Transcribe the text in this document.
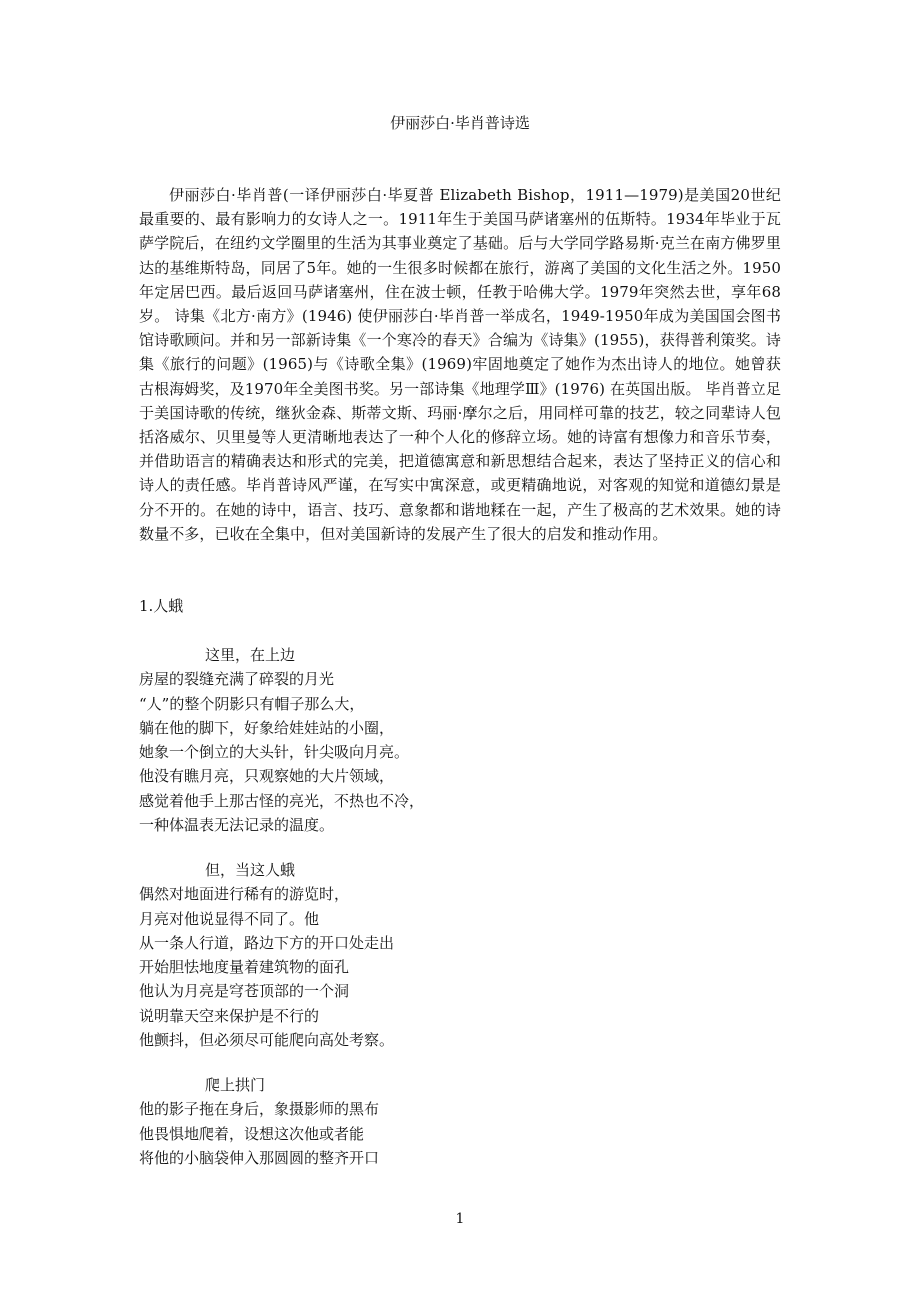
伊丽莎白·毕肖普诗选

伊丽莎白·毕肖普(一译伊丽莎白·毕夏普 Elizabeth Bishop，1911—1979)是美国20世纪最重要的、最有影响力的女诗人之一。1911年生于美国马萨诸塞州的伍斯特。1934年毕业于瓦萨学院后，在纽约文学圈里的生活为其事业奠定了基础。后与大学同学路易斯·克兰在南方佛罗里达的基维斯特岛，同居了5年。她的一生很多时候都在旅行，游离了美国的文化生活之外。1950年定居巴西。最后返回马萨诸塞州，住在波士顿，任教于哈佛大学。1979年突然去世，享年68岁。 诗集《北方·南方》(1946) 使伊丽莎白·毕肖普一举成名，1949-1950年成为美国国会图书馆诗歌顾问。并和另一部新诗集《一个寒冷的春天》合编为《诗集》(1955)，获得普利策奖。诗集《旅行的问题》(1965)与《诗歌全集》(1969)牢固地奠定了她作为杰出诗人的地位。她曾获古根海姆奖，及1970年全美图书奖。另一部诗集《地理学Ⅲ》(1976) 在英国出版。 毕肖普立足于美国诗歌的传统，继狄金森、斯蒂文斯、玛丽·摩尔之后，用同样可靠的技艺，较之同辈诗人包括洛威尔、贝里曼等人更清晰地表达了一种个人化的修辞立场。她的诗富有想像力和音乐节奏，并借助语言的精确表达和形式的完美，把道德寓意和新思想结合起来，表达了坚持正义的信心和诗人的责任感。毕肖普诗风严谨，在写实中寓深意，或更精确地说，对客观的知觉和道德幻景是分不开的。在她的诗中，语言、技巧、意象都和谐地糅在一起，产生了极高的艺术效果。她的诗数量不多，已收在全集中，但对美国新诗的发展产生了很大的启发和推动作用。

1.人蛾
这里，在上边
房屋的裂缝充满了碎裂的月光
“人”的整个阴影只有帽子那么大，
躺在他的脚下，好象给娃娃站的小圈，
她象一个倒立的大头针，针尖吸向月亮。
他没有瞧月亮，只观察她的大片领域，
感觉着他手上那古怪的亮光，不热也不冷，
一种体温表无法记录的温度。
但，当这人蛾
偶然对地面进行稀有的游览时，
月亮对他说显得不同了。他
从一条人行道，路边下方的开口处走出
开始胆怯地度量着建筑物的面孔
他认为月亮是穹苍顶部的一个洞
说明靠天空来保护是不行的
他颤抖，但必须尽可能爬向高处考察。
爬上拱门
他的影子拖在身后，象摄影师的黑布
他畏惧地爬着，设想这次他或者能
将他的小脑袋伸入那圆圆的整齐开口
1
